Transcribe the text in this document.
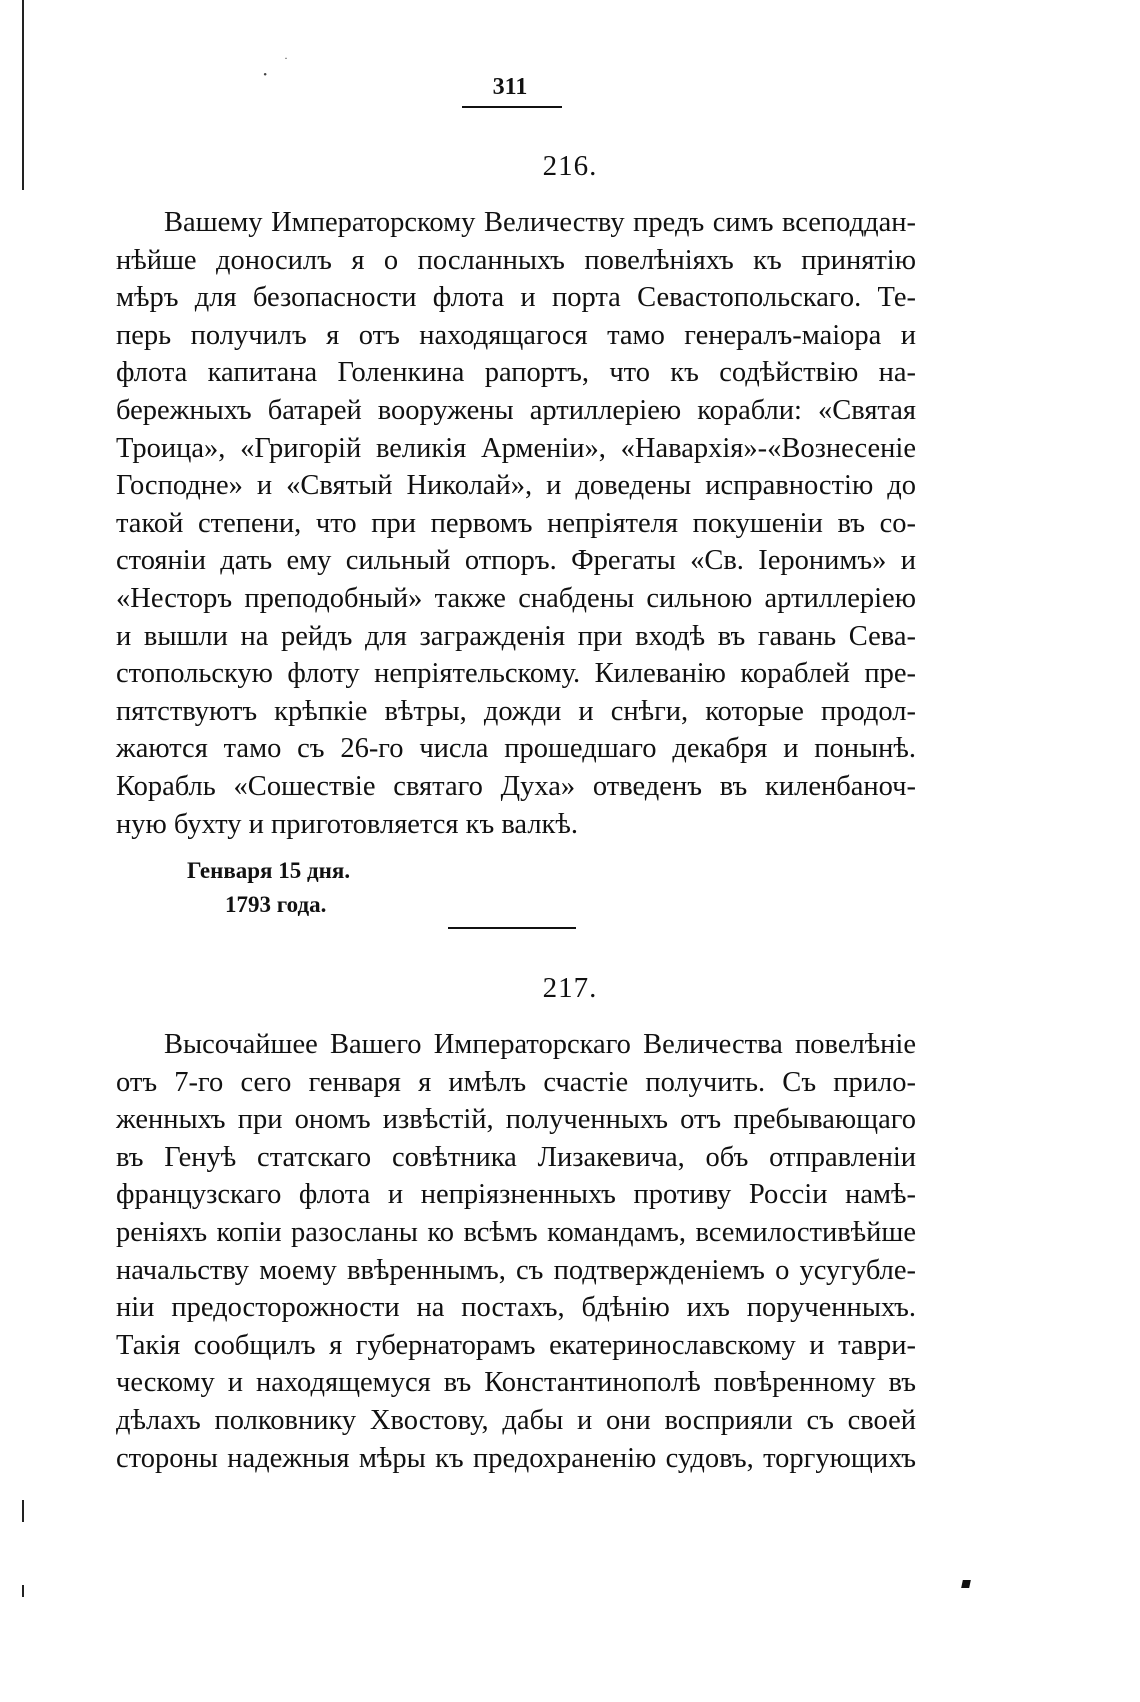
· ˙
311
216.
Вашему Императорскому Величеству предъ симъ всеподдан-
нѣйше доносилъ я о посланныхъ повелѣніяхъ къ принятію
мѣръ для безопасности флота и порта Севастопольскаго. Те-
перь получилъ я отъ находящагося тамо генералъ-маіора и
флота капитана Голенкина рапортъ, что къ содѣйствію на-
бережныхъ батарей вооружены артиллеріею корабли: «Святая
Троица», «Григорій великія Арменіи», «Наварxія»-«Вознесеніе
Господне» и «Святый Николай», и доведены исправностію до
такой степени, что при первомъ непріятеля покушеніи въ со-
стояніи дать ему сильный отпоръ. Фрегаты «Св. Іеронимъ» и
«Несторъ преподобный» также снабдены сильною артиллеріею
и вышли на рейдъ для загражденія при входѣ въ гавань Сева-
стопольскую флоту непріятельскому. Килеванію кораблей пре-
пятствуютъ крѣпкіе вѣтры, дожди и снѣги, которые продол-
жаются тамо съ 26-го числа прошедшаго декабря и понынѣ.
Корабль «Сошествіе святаго Духа» отведенъ въ киленбаноч-
ную бухту и приготовляется къ валкѣ.
Генваря 15 дня.
1793 года.
217.
Высочайшее Вашего Императорскаго Величества повелѣніе
отъ 7-го сего генваря я имѣлъ счастіе получить. Съ прило-
женныхъ при ономъ извѣстій, полученныхъ отъ пребывающаго
въ Генуѣ статскаго совѣтника Лизакевича, объ отправленіи
французскаго флота и непріязненныхъ противу Россіи намѣ-
реніяхъ копіи разосланы ко всѣмъ командамъ, всемилостивѣйше
начальству моему ввѣреннымъ, съ подтвержденіемъ о усугубле-
ніи предосторожности на постахъ, бдѣнію ихъ порученныхъ.
Такія сообщилъ я губернаторамъ екатеринославскому и таври-
ческому и находящемуся въ Константинополѣ повѣренному въ
дѣлахъ полковнику Хвостову, дабы и они восприяли съ своей
стороны надежныя мѣры къ предохраненію судовъ, торгующихъ
